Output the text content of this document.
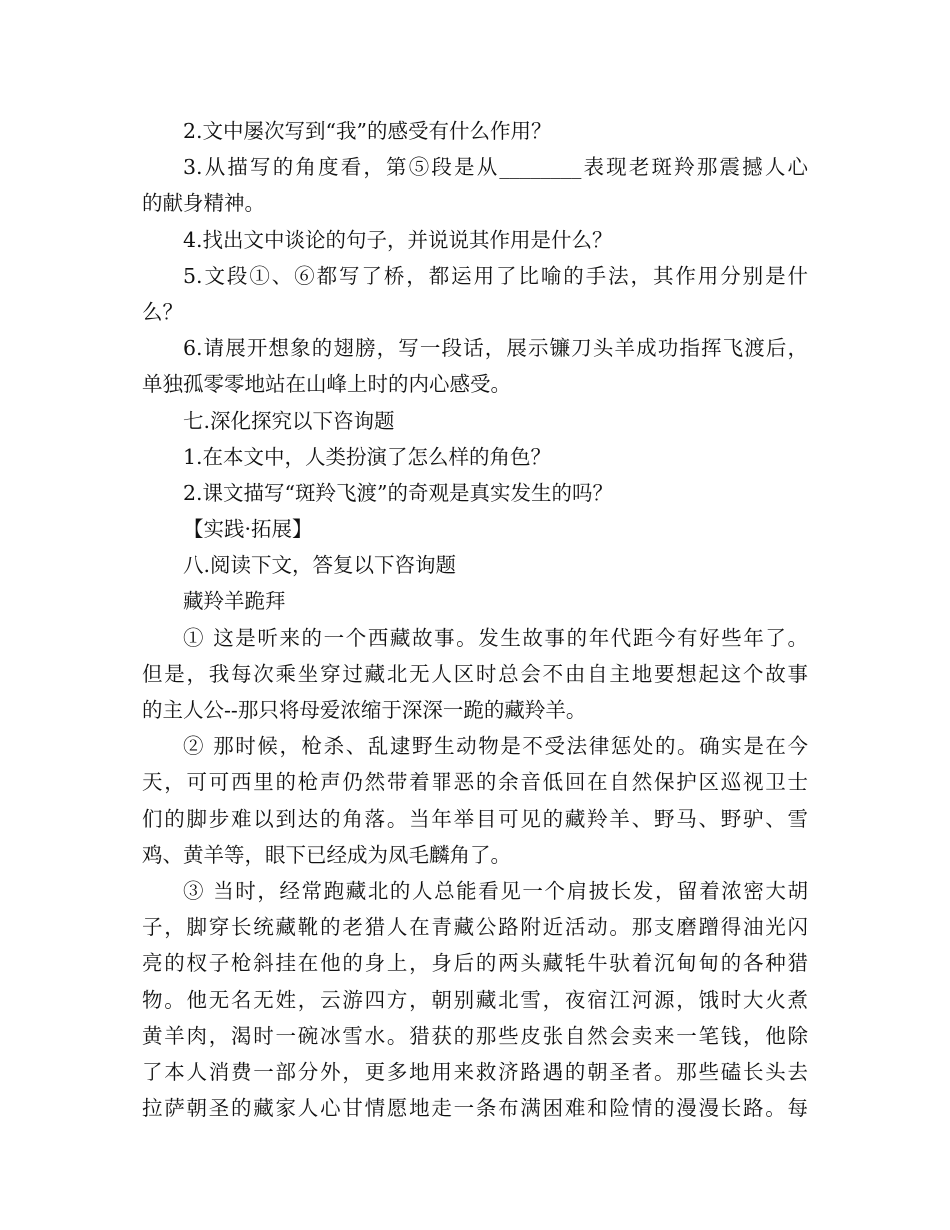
2.文中屡次写到“我”的感受有什么作用？
3.从描写的角度看，第⑤段是从________表现老斑羚那震撼人心
的献身精神。
4.找出文中谈论的句子，并说说其作用是什么？
5.文段①、⑥都写了桥，都运用了比喻的手法，其作用分别是什
么？
6.请展开想象的翅膀，写一段话，展示镰刀头羊成功指挥飞渡后，
单独孤零零地站在山峰上时的内心感受。
七.深化探究以下咨询题
1.在本文中，人类扮演了怎么样的角色？
2.课文描写“斑羚飞渡”的奇观是真实发生的吗？
【实践·拓展】
八.阅读下文，答复以下咨询题
藏羚羊跪拜
① 这是听来的一个西藏故事。发生故事的年代距今有好些年了。
但是，我每次乘坐穿过藏北无人区时总会不由自主地要想起这个故事
的主人公--那只将母爱浓缩于深深一跪的藏羚羊。
② 那时候，枪杀、乱逮野生动物是不受法律惩处的。确实是在今
天，可可西里的枪声仍然带着罪恶的余音低回在自然保护区巡视卫士
们的脚步难以到达的角落。当年举目可见的藏羚羊、野马、野驴、雪
鸡、黄羊等，眼下已经成为凤毛麟角了。
③ 当时，经常跑藏北的人总能看见一个肩披长发，留着浓密大胡
子，脚穿长统藏靴的老猎人在青藏公路附近活动。那支磨蹭得油光闪
亮的杈子枪斜挂在他的身上，身后的两头藏牦牛驮着沉甸甸的各种猎
物。他无名无姓，云游四方，朝别藏北雪，夜宿江河源，饿时大火煮
黄羊肉，渴时一碗冰雪水。猎获的那些皮张自然会卖来一笔钱，他除
了本人消费一部分外，更多地用来救济路遇的朝圣者。那些磕长头去
拉萨朝圣的藏家人心甘情愿地走一条布满困难和险情的漫漫长路。每
